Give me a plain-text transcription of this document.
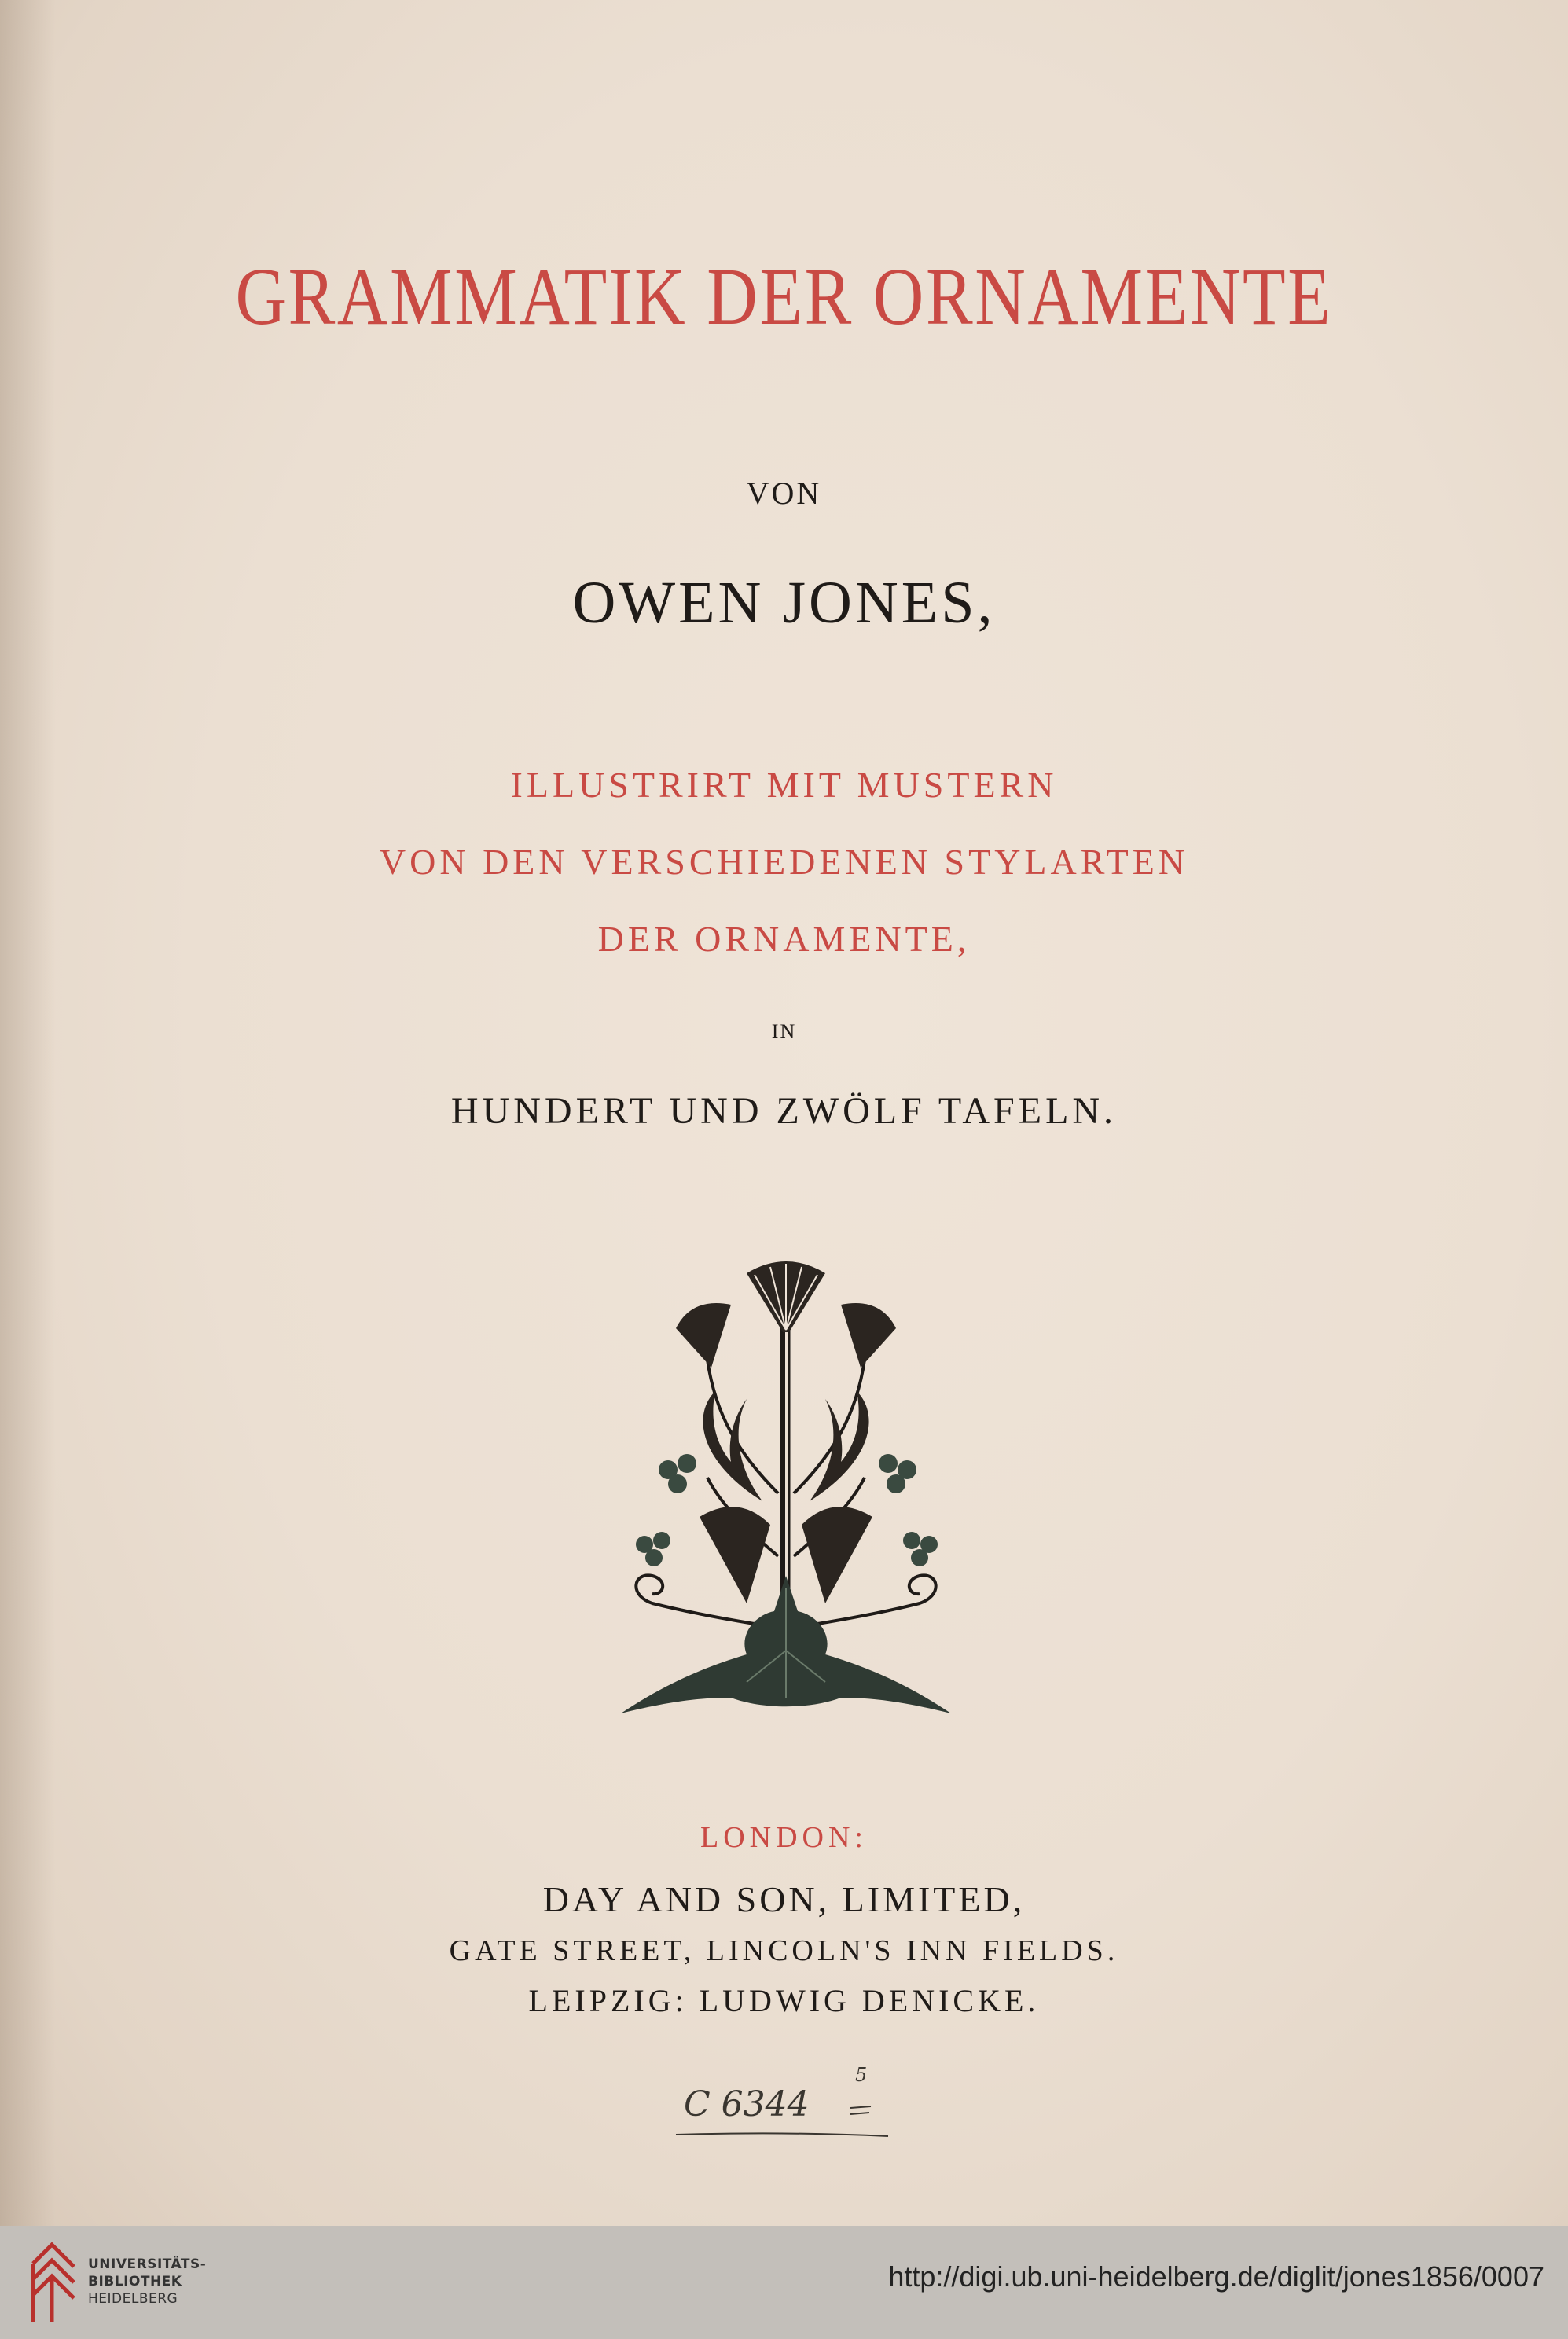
GRAMMATIK DER ORNAMENTE
VON
OWEN JONES,
ILLUSTRIRT MIT MUSTERN
VON DEN VERSCHIEDENEN STYLARTEN
DER ORNAMENTE,
IN
HUNDERT UND ZWÖLF TAFELN.
LONDON:
DAY AND SON, LIMITED,
GATE STREET, LINCOLN'S INN FIELDS.
LEIPZIG: LUDWIG DENICKE.
C 6344
5
UNIVERSITÄTS-
BIBLIOTHEK
HEIDELBERG
http://digi.ub.uni-heidelberg.de/diglit/jones1856/0007
